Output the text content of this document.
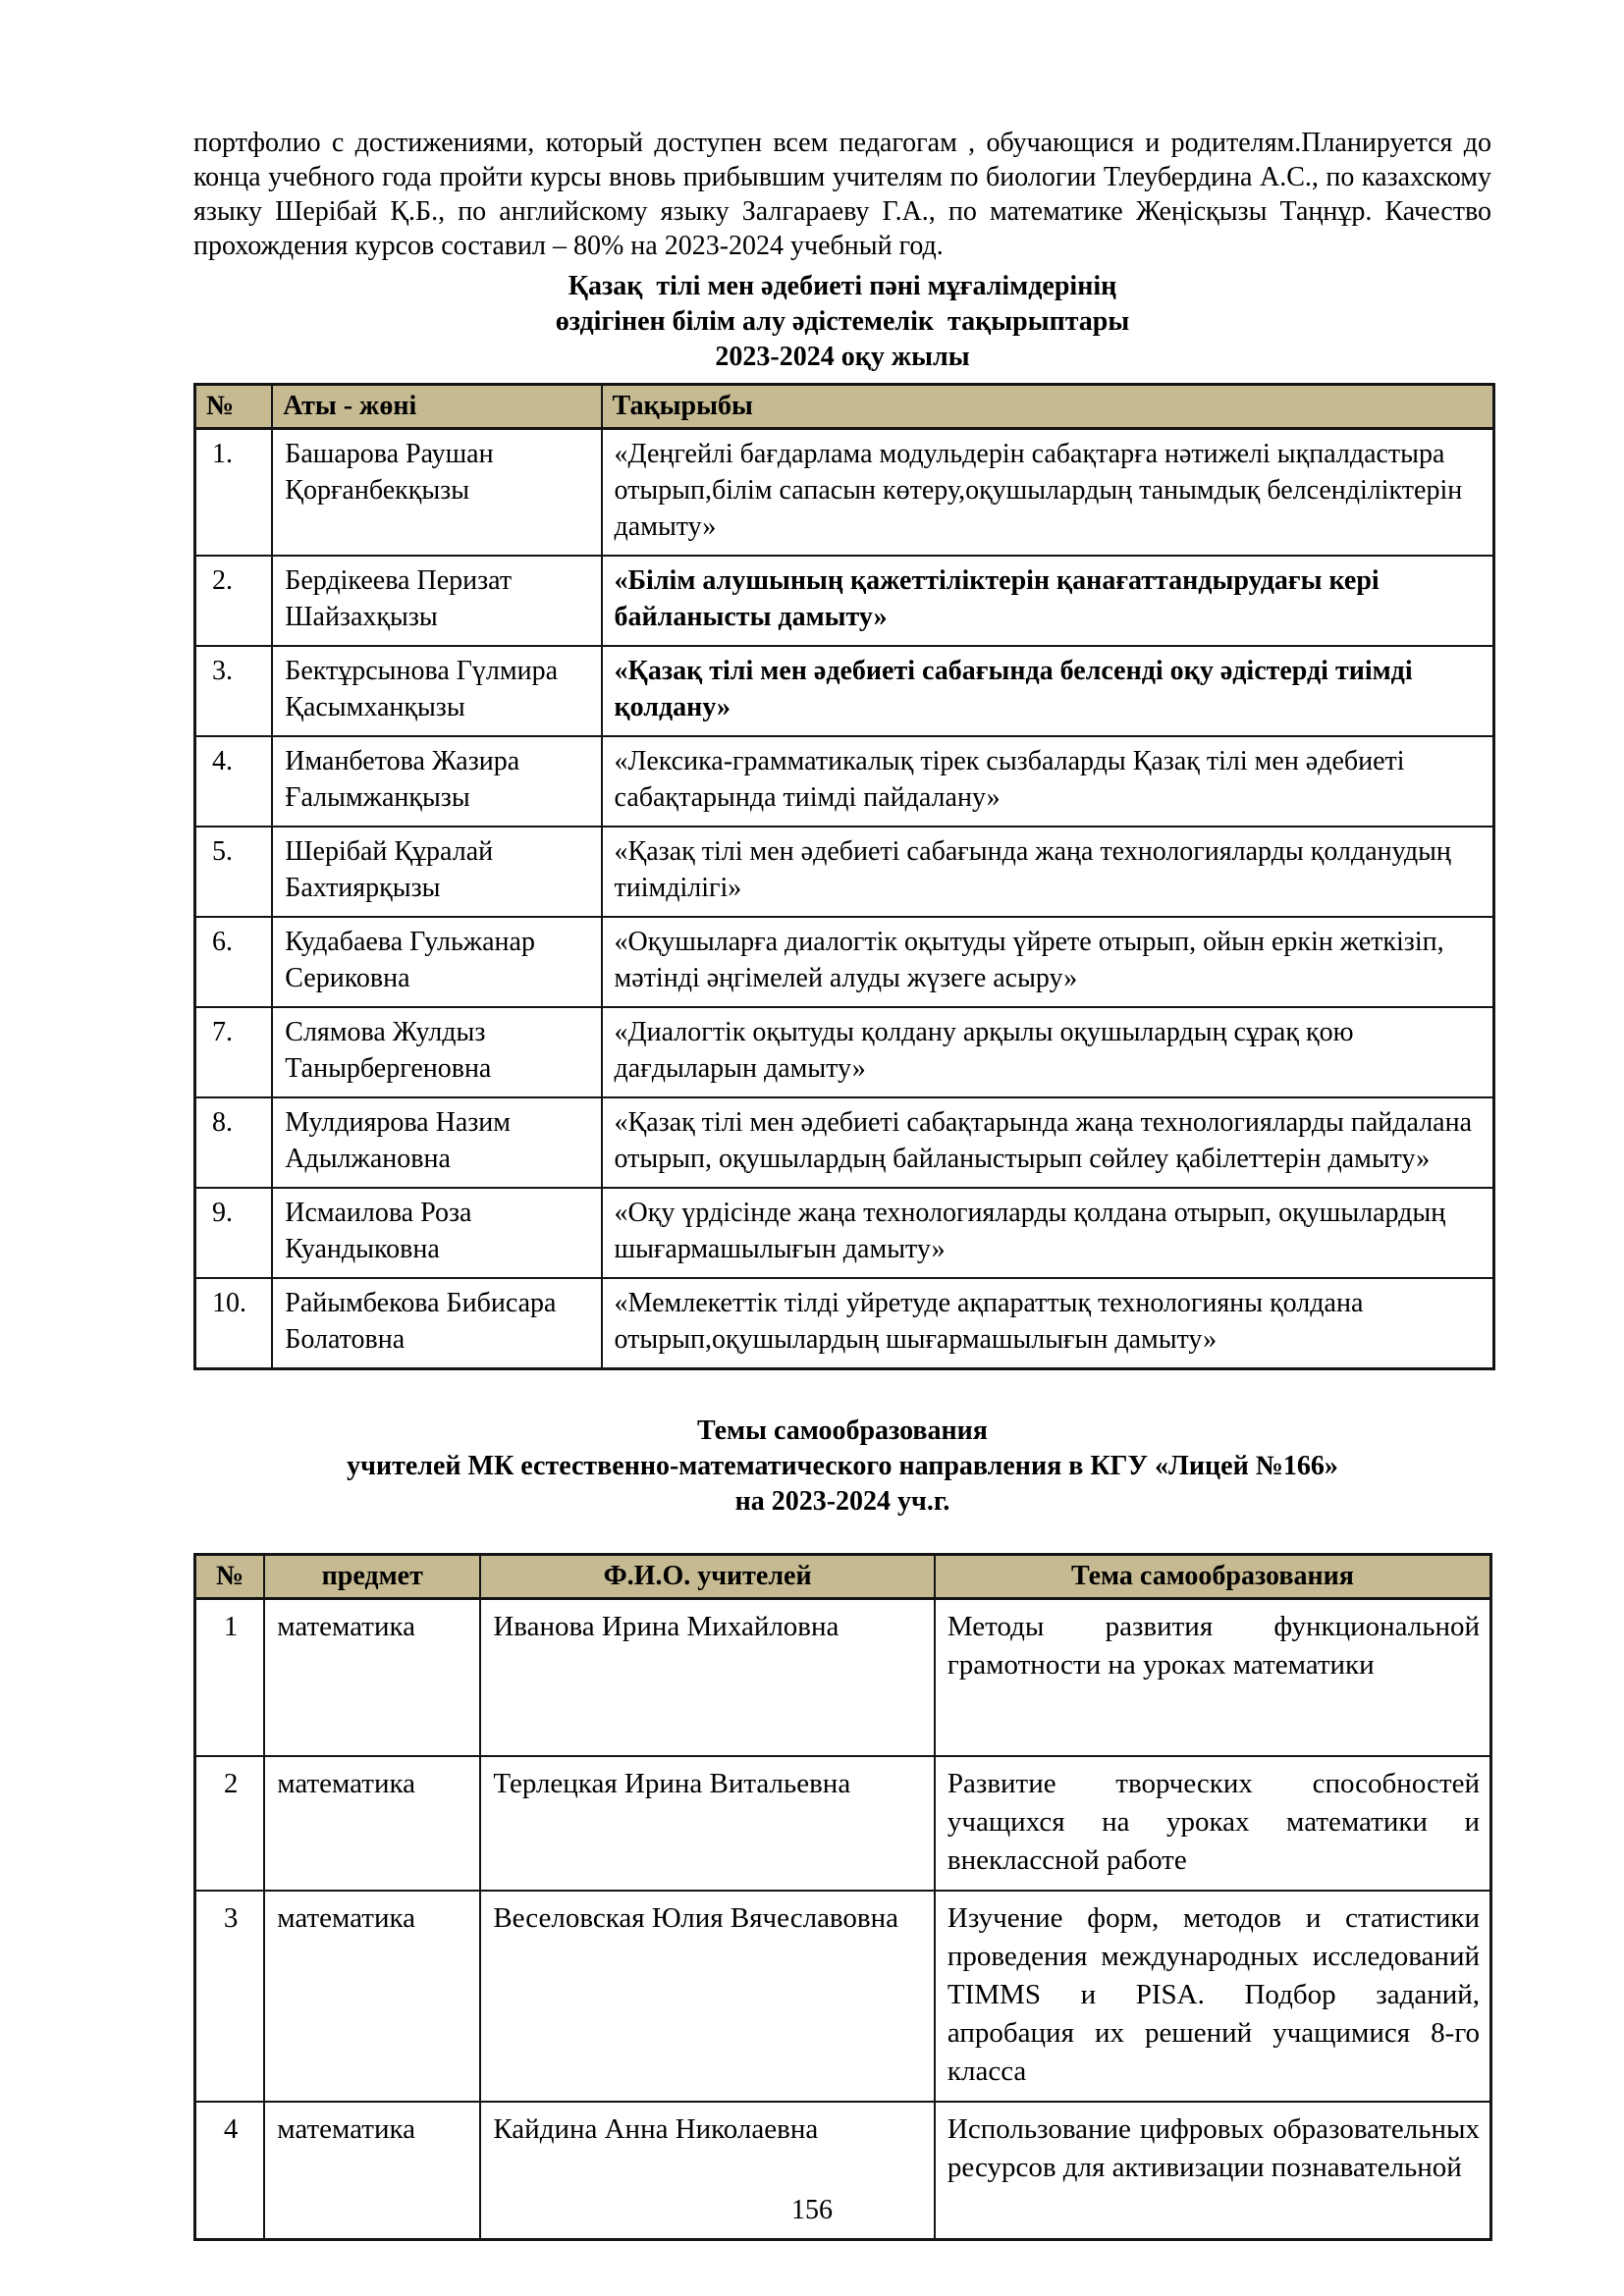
портфолио с достижениями, который доступен всем педагогам , обучающися и родителям.Планируется до конца учебного года пройти курсы вновь прибывшим учителям по биологии Тлеубердина А.С., по казахскому языку Шерібай Қ.Б., по английскому языку Залгараеву Г.А., по математике Жеңісқызы Таңнұр. Качество прохождения курсов составил – 80% на 2023-2024 учебный год.

Қазақ  тілі мен әдебиеті пәні мұғалімдерінің
өздігінен білім алу әдістемелік  тақырыптары
2023-2024 оқу жылы
№	Аты - жөні	Тақырыбы
1.	Башарова Раушан Қорғанбекқызы	«Деңгейлі бағдарлама модульдерін сабақтарға нәтижелі ықпалдастыра отырып,білім сапасын көтеру,оқушылардың танымдық белсенділіктерін дамыту»
2.	Бердікеева Перизат Шайзахқызы	«Білім алушының қажеттіліктерін қанағаттандырудағы кері байланысты дамыту»
3.	Бектұрсынова Гүлмира Қасымханқызы	«Қазақ тілі мен әдебиеті сабағында белсенді оқу әдістерді тиімді қолдану»
4.	Иманбетова Жазира Ғалымжанқызы	«Лексика-грамматикалық тірек сызбаларды Қазақ тілі мен әдебиеті сабақтарында тиімді пайдалану»
5.	Шерібай Құралай Бахтиярқызы	«Қазақ тілі мен әдебиеті сабағында жаңа технологияларды қолданудың тиімділігі»
6.	Кудабаева Гульжанар Сериковна	«Оқушыларға диалогтік оқытуды үйрете отырып, ойын еркін жеткізіп, мәтінді әңгімелей алуды жүзеге асыру»
7.	Слямова Жулдыз Танырбергеновна	«Диалогтік оқытуды қолдану арқылы оқушылардың сұрақ қою дағдыларын дамыту»
8.	Мулдиярова Назим Адылжановна	«Қазақ тілі мен әдебиеті сабақтарында жаңа технологияларды пайдалана отырып, оқушылардың байланыстырып сөйлеу қабілеттерін дамыту»
9.	Исмаилова Роза Куандыковна	«Оқу үрдісінде жаңа технологияларды қолдана отырып, оқушылардың шығармашылығын дамыту»
10.	Райымбекова Бибисара Болатовна	«Мемлекеттік тілді уйретуде ақпараттық технологияны қолдана отырып,оқушылардың шығармашылығын дамыту»
Темы самообразования
учителей МК естественно-математического направления в КГУ «Лицей №166»
на 2023-2024 уч.г.
№	предмет	Ф.И.О. учителей	Тема самообразования
1	математика	Иванова Ирина Михайловна	Методы развития функциональной грамотности на уроках математики
2	математика	Терлецкая Ирина Витальевна	Развитие творческих способностей учащихся на уроках математики и внеклассной работе
3	математика	Веселовская Юлия Вячеславовна	Изучение форм, методов и статистики проведения международных исследований TIMMS и PISA. Подбор заданий, апробация их решений учащимися 8-го класса
4	математика	Кайдина Анна Николаевна	Использование цифровых образовательных ресурсов для активизации познавательной
156
